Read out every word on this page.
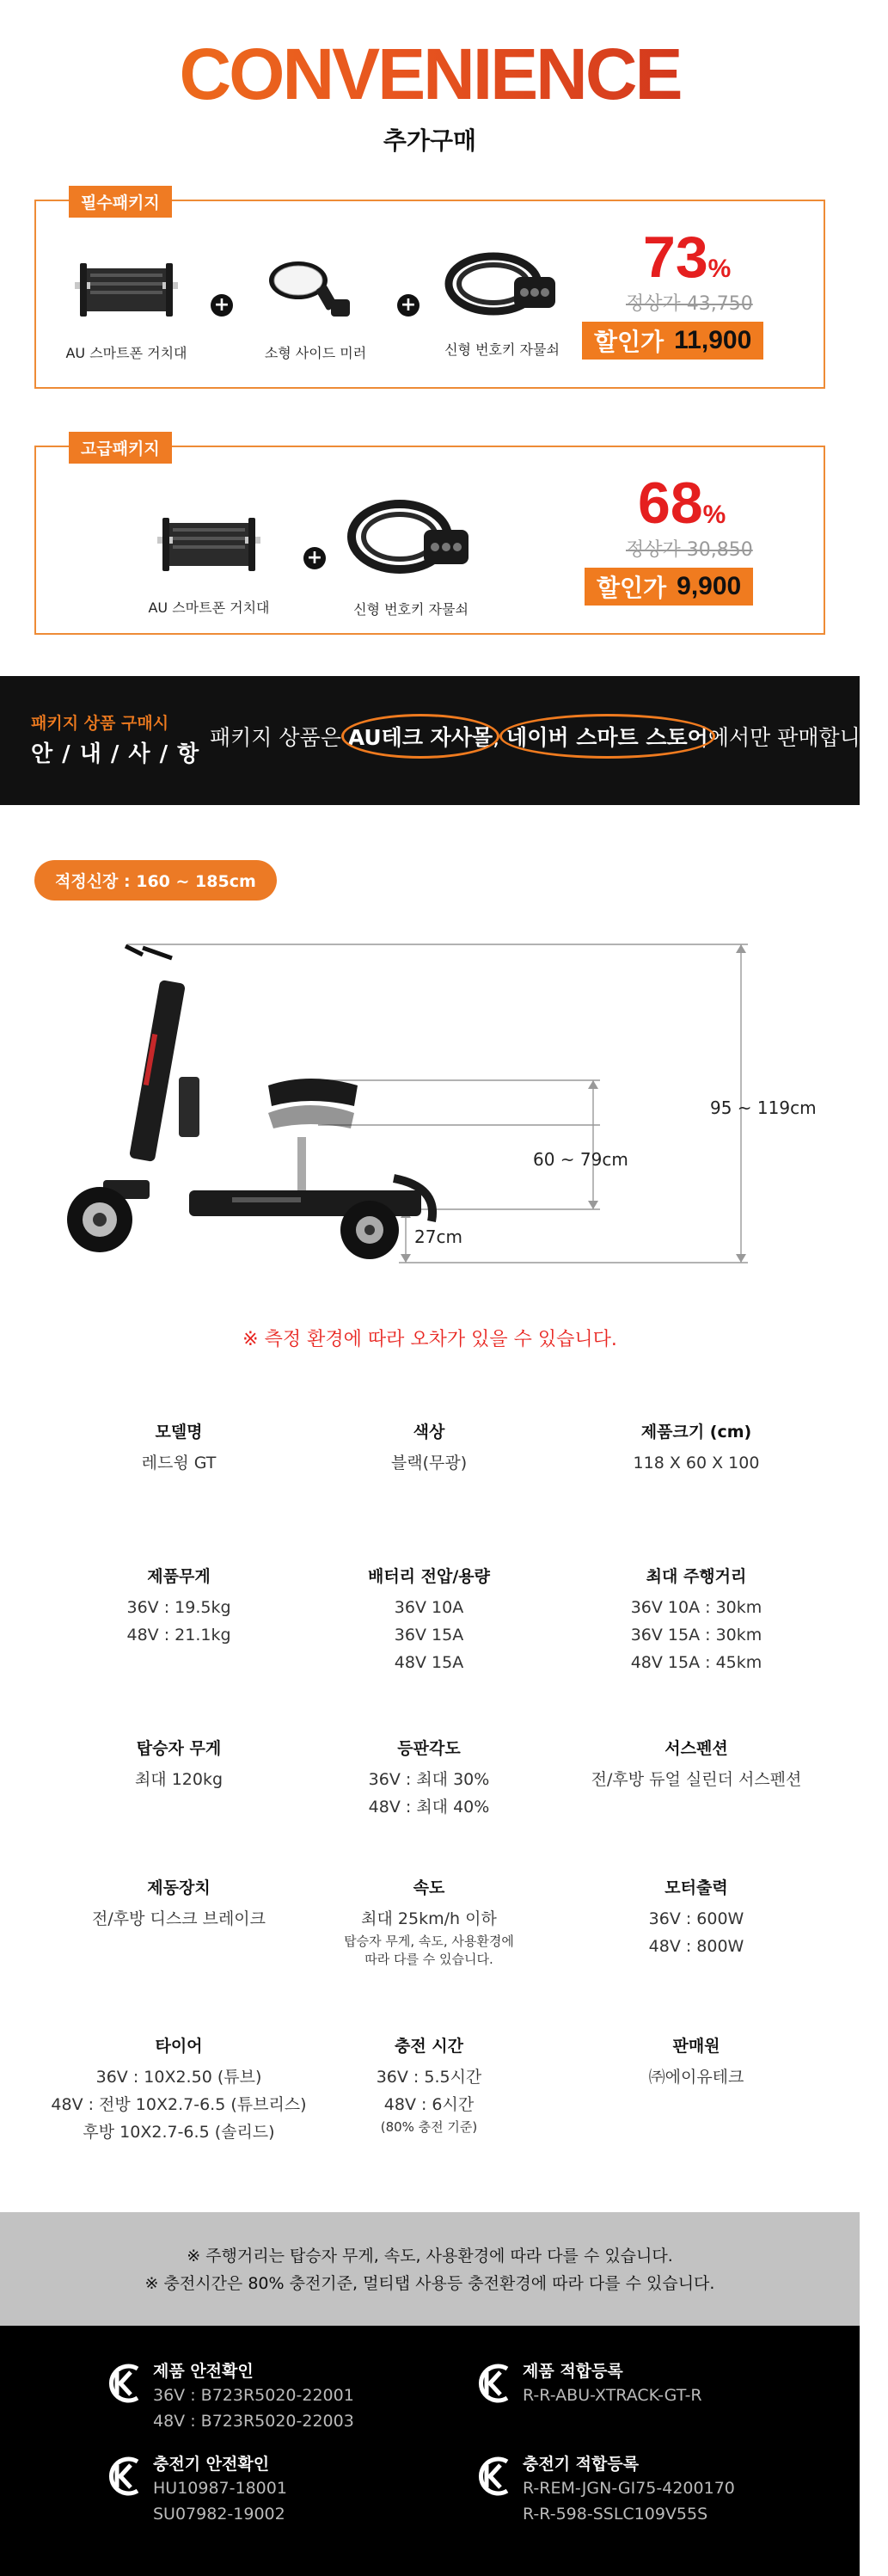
CONVENIENCE
추가구매
필수패키지
AU 스마트폰 거치대
+
소형 사이드 미러
+
신형 번호키 자물쇠
73%
정상가 43,750
할인가 11,900
고급패키지
AU 스마트폰 거치대
+
신형 번호키 자물쇠
68%
정상가 30,850
할인가 9,900
패키지 상품 구매시
안 / 내 / 사 / 항
패키지 상품은 AU테크 자사몰
, 네이버 스마트 스토어
에서만 판매합니다.
적정신장 : 160 ~ 185cm
95 ~ 119cm
60 ~ 79cm
27cm
※ 측정 환경에 따라 오차가 있을 수 있습니다.
모델명
레드윙 GT
색상
블랙(무광)
제품크기 (cm)
118 X 60 X 100
제품무게
36V : 19.5kg
48V : 21.1kg
배터리 전압/용량
36V 10A
36V 15A
48V 15A
최대 주행거리
36V 10A : 30km
36V 15A : 30km
48V 15A : 45km
탑승자 무게
최대 120kg
등판각도
36V : 최대 30%
48V : 최대 40%
서스펜션
전/후방 듀얼 실린더 서스펜션
제동장치
전/후방 디스크 브레이크
속도
최대 25km/h 이하
탑승자 무게, 속도, 사용환경에
따라 다를 수 있습니다.
모터출력
36V : 600W
48V : 800W
타이어
36V : 10X2.50 (튜브)
48V : 전방 10X2.7-6.5 (튜브리스)
후방 10X2.7-6.5 (솔리드)
충전 시간
36V : 5.5시간
48V : 6시간
(80% 충전 기준)
판매원
㈜에이유테크

※ 주행거리는 탑승자 무게, 속도, 사용환경에 따라 다를 수 있습니다.

※ 충전시간은 80% 충전기준, 멀티탭 사용등 충전환경에 따라 다를 수 있습니다.

제품 안전확인
36V : B723R5020-22001
48V : B723R5020-22003
제품 적합등록
R-R-ABU-XTRACK-GT-R
충전기 안전확인
HU10987-18001
SU07982-19002
충전기 적합등록
R-REM-JGN-GI75-4200170
R-R-598-SSLC109V55S
